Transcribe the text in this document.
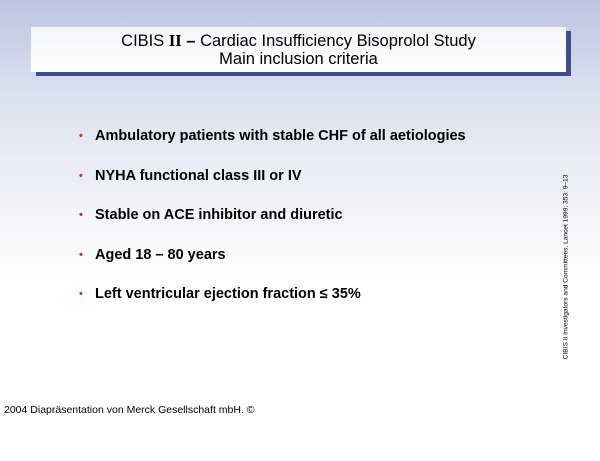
CIBIS II – Cardiac Insufficiency Bisoprolol Study
Main inclusion criteria
• Ambulatory patients with stable CHF of all aetiologies
• NYHA functional class III or IV
• Stable on ACE inhibitor and diuretic
• Aged 18 – 80 years
• Left ventricular ejection fraction ≤ 35%	CIBIS II Investigators and Committees, Lancet 1999; 353: 9–13
2004 Diapräsentation von Merck Gesellschaft mbH. ©
